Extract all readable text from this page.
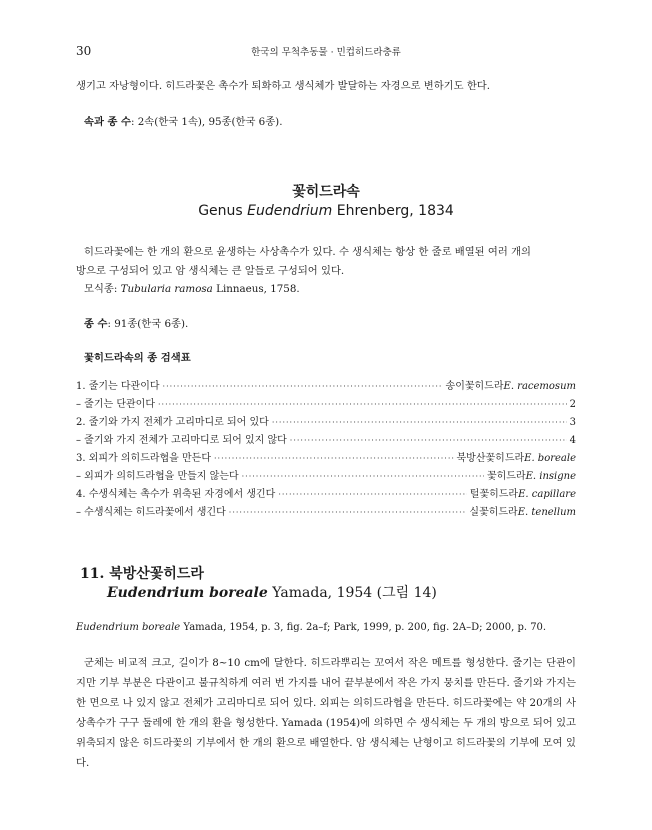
30	한국의 무척추동물 · 민컵히드라충류
생기고 자낭형이다. 히드라꽃은 촉수가 퇴화하고 생식체가 발달하는 자경으로 변하기도 한다.
속과 종 수: 2속(한국 1속), 95종(한국 6종).
꽃히드라속
Genus Eudendrium Ehrenberg, 1834
히드라꽃에는 한 개의 환으로 윤생하는 사상촉수가 있다. 수 생식체는 항상 한 줄로 배열된 여러 개의
방으로 구성되어 있고 암 생식체는 큰 알들로 구성되어 있다.
모식종: Tubularia ramosa Linnaeus, 1758.
종 수: 91종(한국 6종).
꽃히드라속의 종 검색표
1. 줄기는 다관이다 ·····	송이꽃히드라 E. racemosum
– 줄기는 단관이다 ·····	2
2. 줄기와 가지 전체가 고리마디로 되어 있다 ·····	3
– 줄기와 가지 전체가 고리마디로 되어 있지 않다 ·····	4
3. 외피가 의히드라협을 만든다 ·····	북방산꽃히드라 E. boreale
– 외피가 의히드라협을 만들지 않는다 ·····	꽃히드라 E. insigne
4. 수생식체는 촉수가 위축된 자경에서 생긴다 ·····	털꽃히드라 E. capillare
– 수생식체는 히드라꽃에서 생긴다 ·····	실꽃히드라 E. tenellum
11. 북방산꽃히드라
Eudendrium boreale Yamada, 1954 (그림 14)
Eudendrium boreale Yamada, 1954, p. 3, fig. 2a–f; Park, 1999, p. 200, fig. 2A–D; 2000, p. 70.
군체는 비교적 크고, 길이가 8~10 cm에 달한다. 히드라뿌리는 꼬여서 작은 메트를 형성한다. 줄기는 단관이지만 기부 부분은 다관이고 불규칙하게 여러 번 가지를 내어 끝부분에서 작은 가지 뭉치를 만든다. 줄기와 가지는 한 면으로 나 있지 않고 전체가 고리마디로 되어 있다. 외피는 의히드라협을 만든다. 히드라꽃에는 약 20개의 사상촉수가 구구 둘레에 한 개의 환을 형성한다. Yamada (1954)에 의하면 수 생식체는 두 개의 방으로 되어 있고 위축되지 않은 히드라꽃의 기부에서 한 개의 환으로 배열한다. 암 생식체는 난형이고 히드라꽃의 기부에 모여 있다.
